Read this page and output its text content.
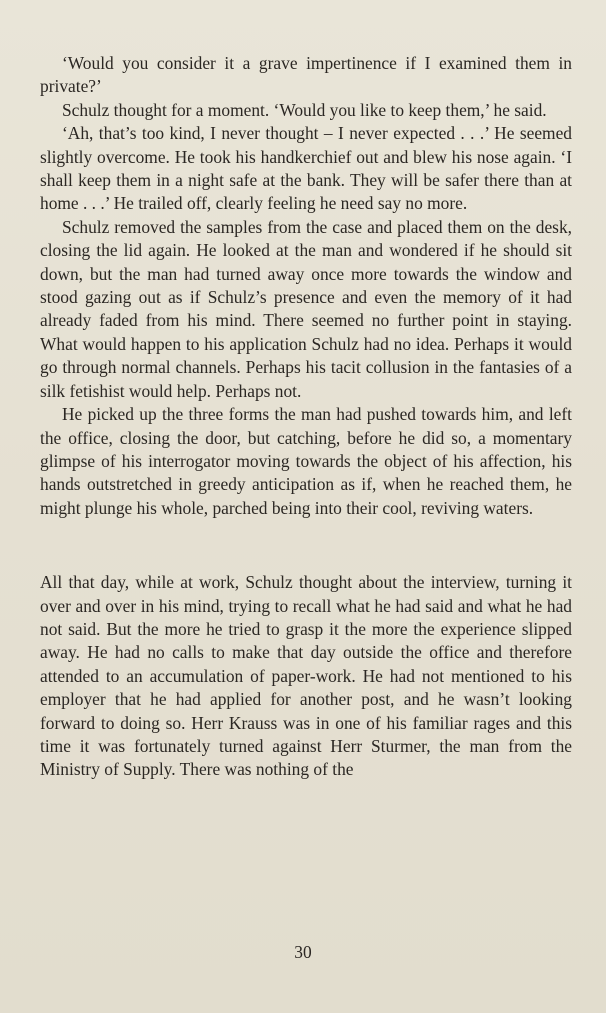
‘Would you consider it a grave impertinence if I examined them in private?’

Schulz thought for a moment. ‘Would you like to keep them,’ he said.

‘Ah, that’s too kind, I never thought – I never expected . . .’ He seemed slightly overcome. He took his handkerchief out and blew his nose again. ‘I shall keep them in a night safe at the bank. They will be safer there than at home . . .’ He trailed off, clearly feeling he need say no more.

Schulz removed the samples from the case and placed them on the desk, closing the lid again. He looked at the man and wondered if he should sit down, but the man had turned away once more towards the window and stood gazing out as if Schulz’s presence and even the memory of it had already faded from his mind. There seemed no further point in staying. What would happen to his application Schulz had no idea. Perhaps it would go through normal channels. Perhaps his tacit collusion in the fantasies of a silk fetishist would help. Perhaps not.

He picked up the three forms the man had pushed towards him, and left the office, closing the door, but catching, before he did so, a momentary glimpse of his interrogator moving towards the object of his affection, his hands outstretched in greedy anticipation as if, when he reached them, he might plunge his whole, parched being into their cool, reviving waters.

All that day, while at work, Schulz thought about the interview, turning it over and over in his mind, trying to recall what he had said and what he had not said. But the more he tried to grasp it the more the experience slipped away. He had no calls to make that day outside the office and therefore attended to an accumulation of paper-work. He had not mentioned to his employer that he had applied for another post, and he wasn’t looking forward to doing so. Herr Krauss was in one of his familiar rages and this time it was fortunately turned against Herr Sturmer, the man from the Ministry of Supply. There was nothing of the

30
